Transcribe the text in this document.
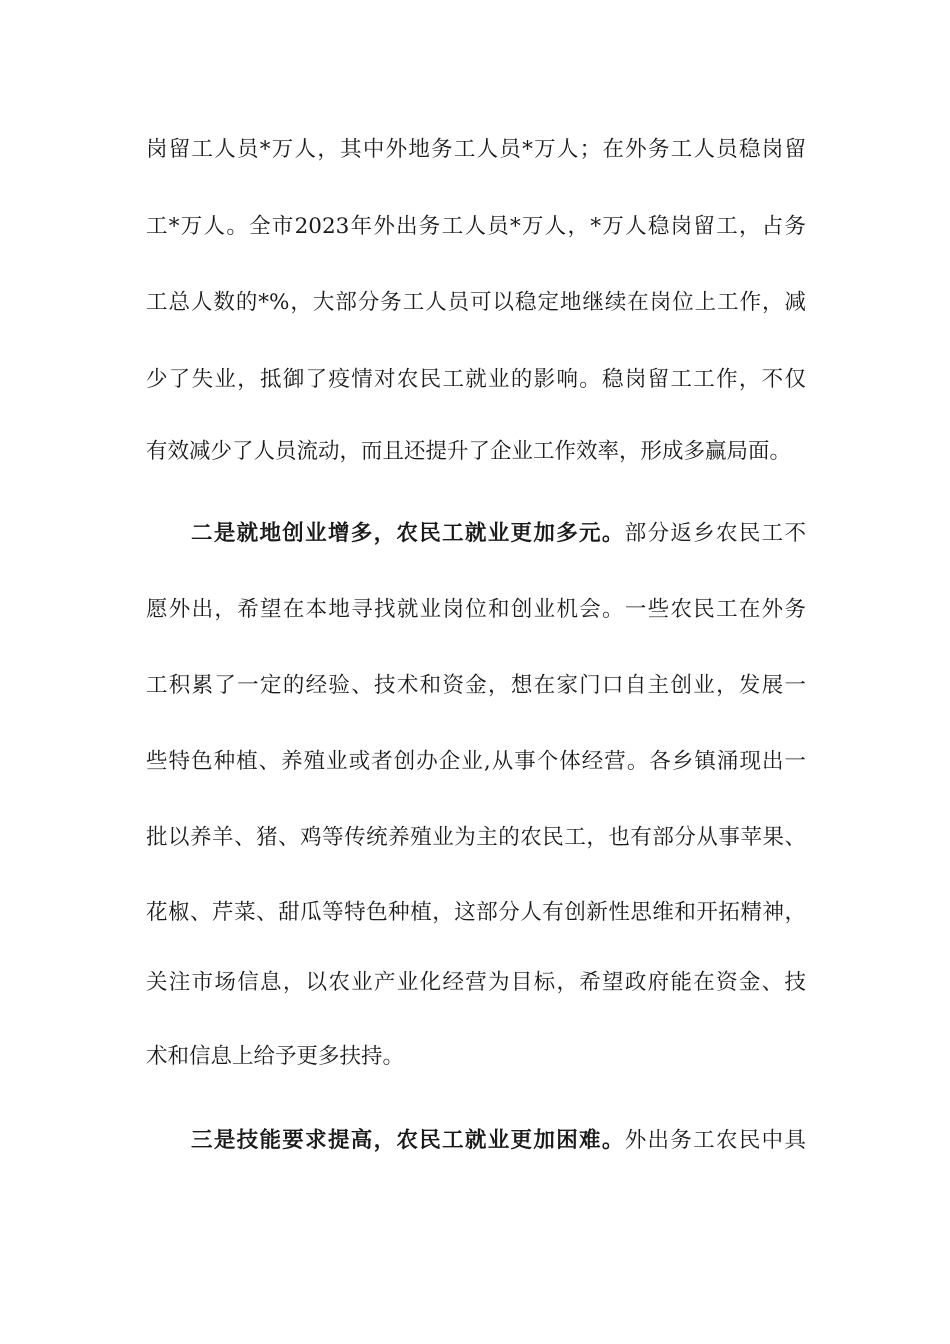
岗留工人员*万人，其中外地务工人员*万人；在外务工人员稳岗留
工*万人。全市2023年外出务工人员*万人，*万人稳岗留工，占务
工总人数的*%，大部分务工人员可以稳定地继续在岗位上工作，减
少了失业，抵御了疫情对农民工就业的影响。稳岗留工工作，不仅
有效减少了人员流动，而且还提升了企业工作效率，形成多赢局面。
二是就地创业增多，农民工就业更加多元。部分返乡农民工不
愿外出，希望在本地寻找就业岗位和创业机会。一些农民工在外务
工积累了一定的经验、技术和资金，想在家门口自主创业，发展一
些特色种植、养殖业或者创办企业,从事个体经营。各乡镇涌现出一
批以养羊、猪、鸡等传统养殖业为主的农民工，也有部分从事苹果、
花椒、芹菜、甜瓜等特色种植，这部分人有创新性思维和开拓精神，
关注市场信息，以农业产业化经营为目标，希望政府能在资金、技
术和信息上给予更多扶持。
三是技能要求提高，农民工就业更加困难。外出务工农民中具
